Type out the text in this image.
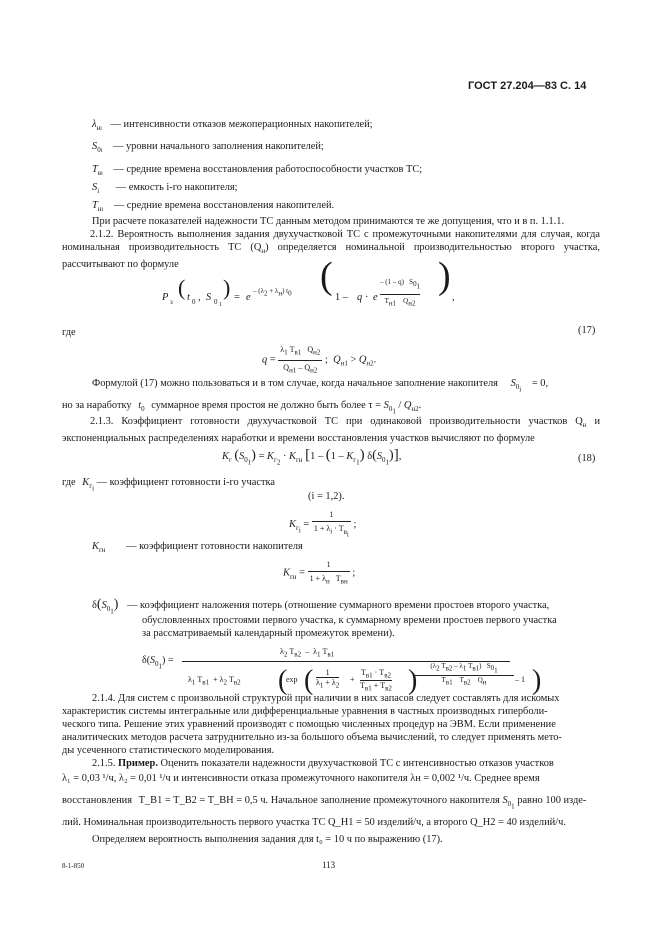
ГОСТ 27.204—83 С. 14
$\lambda_{нi}$ — интенсивности отказов межоперационных накопителей;
$S_{0i}$ — уровни начального заполнения накопителей;
$T_{вi}$ — средние времена восстановления работоспособности участков ТС;
$S_i$ — емкость i-го накопителя;
$T_{нi}$ — средние времена восстановления накопителей.
При расчете показателей надежности ТС данным методом принимаются те же допущения, что и в п. 1.1.1.
2.1.2. Вероятность выполнения задания двухучастковой ТС с промежуточными накопителями для случая, когда номинальная производительность ТС $(Q_н)$ определяется номинальной производительностью второго участка, рассчитывают по формуле
P з
( t 0 , S 0 1
) = e
– $(\lambda_2 + \lambda_н)$ $t_0$ (
1 – q · e
– (1 – q)   $S_{0_1}$
$T_{н1}$    $Q_{н2}$
)
,
(17)
где
$q = \frac{\lambda_1 T_{в1} Q_{н2}}{Q_{н1} - Q_{н2}}$ ;  $Q_{н1} > Q_{н2}$.
Формулой (17) можно пользоваться и в том случае, когда начальное заполнение накопителя $S_{0_i} = 0$,
но за наработку $t_0$ суммарное время простоя не должно быть более $\tau = S_{0_1} / Q_{н2}$.
2.1.3. Коэффициент готовности двухучастковой ТС при одинаковой производительности участков $Q_н$ и экспоненциальных распределениях наработки и времени восстановления участков вычисляют по формуле
$K_г$ $(S_{0_1}) = K_{г_2} \cdot K_{гн}$ [$1 - (1 - K_{г_1})$ $\delta(S_{0_1})$],	(18)
где $K_{г_i}$ — коэффициент готовности i-го участка
(i = 1,2).
$K_{г_i} = \frac{1}{1 + \lambda_i \cdot T_{в_i}}$ ;
$K_{гн}$ — коэффициент готовности накопителя
$K_{гн} = \frac{1}{1 + \lambda_н T_{вн}}$ ;
$\delta(S_{0_1})$ — коэффициент наложения потерь (отношение суммарного времени простоев второго участка,
обусловленных простоями первого участка, к суммарному времени простоев первого участка
за рассматриваемый календарный промежуток времени).
$\delta(S_{0_1})$ =
$\lambda_2$ $T_{в2} - \lambda_1$ $T_{в1}$
$\lambda_1$ $T_{в1} + \lambda_2$ $T_{в2}$ (
exp (	1
$\lambda_1 + \lambda_2$
+
$T_{в1} \cdot T_{в2}$
$T_{в1} + T_{в2}$ )	($\lambda_2$ $T_{в2} - \lambda_1$ $T_{в1}$)   $S_{0_1}$
$T_{в1}$    $T_{в2}$    $Q_н$	– 1 )
2.1.4. Для систем с произвольной структурой при наличии в них запасов следует составлять для искомых
характеристик системы интегральные или дифференциальные уравнения в частных производных гиперболи-
ческого типа. Решение этих уравнений производят с помощью численных процедур на ЭВМ. Если применение
аналитических методов расчета затруднительно из-за большого объема вычислений, то следует применять мето-
ды усеченного статистического моделирования.
2.1.5. Пример. Оценить показатели надежности двухучастковой ТС с интенсивностью отказов участков
λ₁ = 0,03 ¹/ч, λ₂ = 0,01 ¹/ч и интенсивности отказа промежуточного накопителя λн = 0,002 ¹/ч. Среднее время
восстановления T_B1 = T_B2 = T_BH = 0,5 ч. Начальное заполнение промежуточного накопителя $S_{0_1}$ равно 100 изде-
лий. Номинальная производительность первого участка ТС Q_H1 = 50 изделий/ч, а второго Q_H2 = 40 изделий/ч.
Определяем вероятность выполнения задания для t₀ = 10 ч по выражению (17).
8-1-850	113
